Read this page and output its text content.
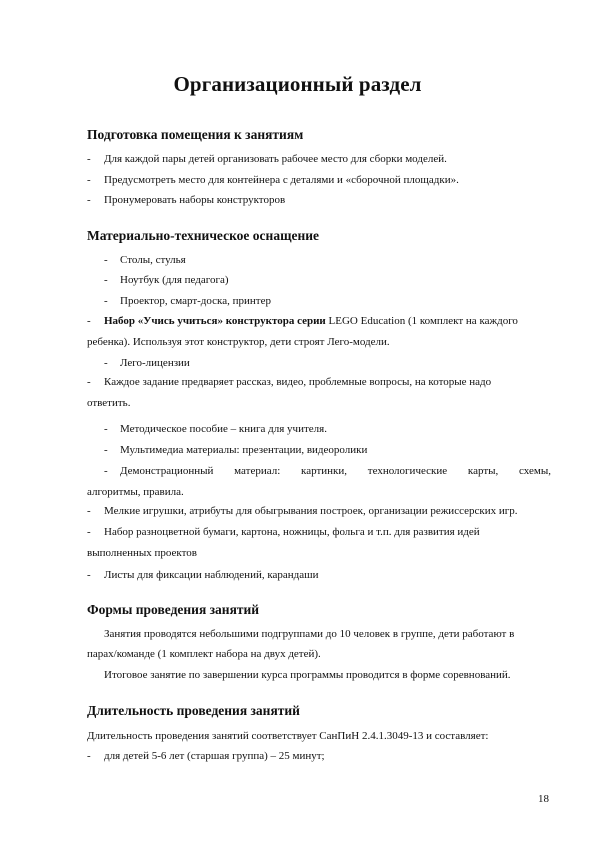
Организационный раздел
Подготовка помещения к занятиям
- Для каждой пары детей организовать рабочее место для сборки моделей.
- Предусмотреть место для контейнера с деталями и «сборочной площадки».
- Пронумеровать наборы конструкторов
Материально-техническое оснащение
- Столы, стулья
- Ноутбук (для педагога)
- Проектор, смарт-доска, принтер
- Набор «Учись учиться» конструктора серии LEGO Education (1 комплект на каждого
ребенка). Используя этот конструктор, дети строят Лего-модели.
- Лего-лицензии
- Каждое задание предваряет рассказ, видео, проблемные вопросы, на которые надо
ответить.
- Методическое пособие – книга для учителя.
- Мультимедиа материалы: презентации, видеоролики
- Демонстрационный материал: картинки, технологические карты, схемы,
алгоритмы, правила.
- Мелкие игрушки, атрибуты для обыгрывания построек, организации режиссерских игр.
- Набор разноцветной бумаги, картона, ножницы, фольга и т.п. для развития идей
выполненных проектов
- Листы для фиксации наблюдений, карандаши
Формы проведения занятий
Занятия проводятся небольшими подгруппами до 10 человек в группе, дети работают в
парах/команде (1 комплект набора на двух детей).
Итоговое занятие по завершении курса программы проводится в форме соревнований.
Длительность проведения занятий
Длительность проведения занятий соответствует СанПиН 2.4.1.3049-13 и составляет:
- для детей 5-6 лет (старшая группа) – 25 минут;
18
